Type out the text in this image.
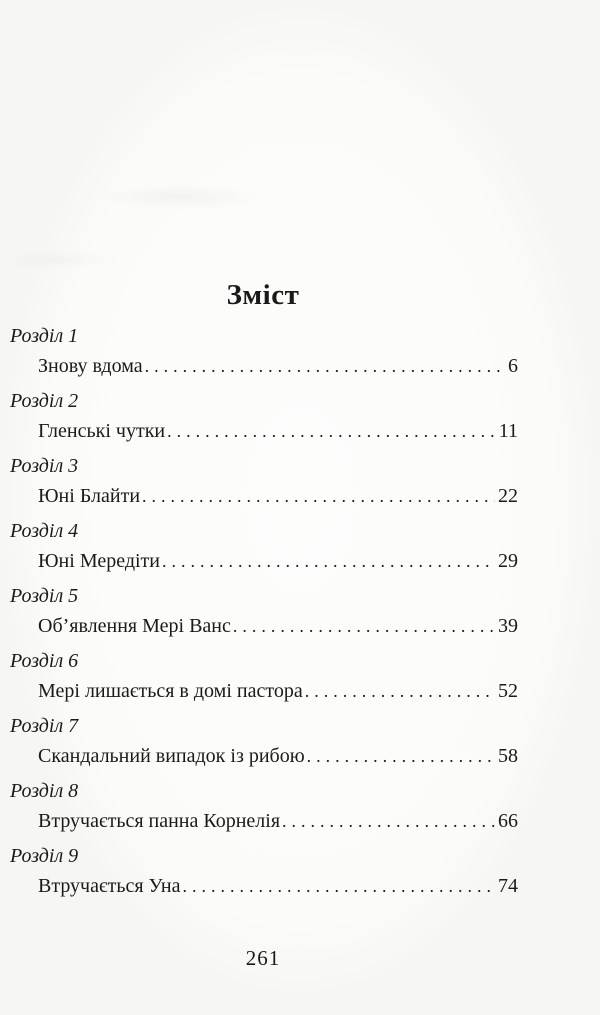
Зміст
Розділ 1
Знову вдома .....	6
Розділ 2
Гленські чутки .....	11
Розділ 3
Юні Блайти .....	22
Розділ 4
Юні Мередіти .....	29
Розділ 5
Об’явлення Мері Ванс .....	39
Розділ 6
Мері лишається в домі пастора .....	52
Розділ 7
Скандальний випадок із рибою .....	58
Розділ 8
Втручається панна Корнелія .....	66
Розділ 9
Втручається Уна .....	74
261
